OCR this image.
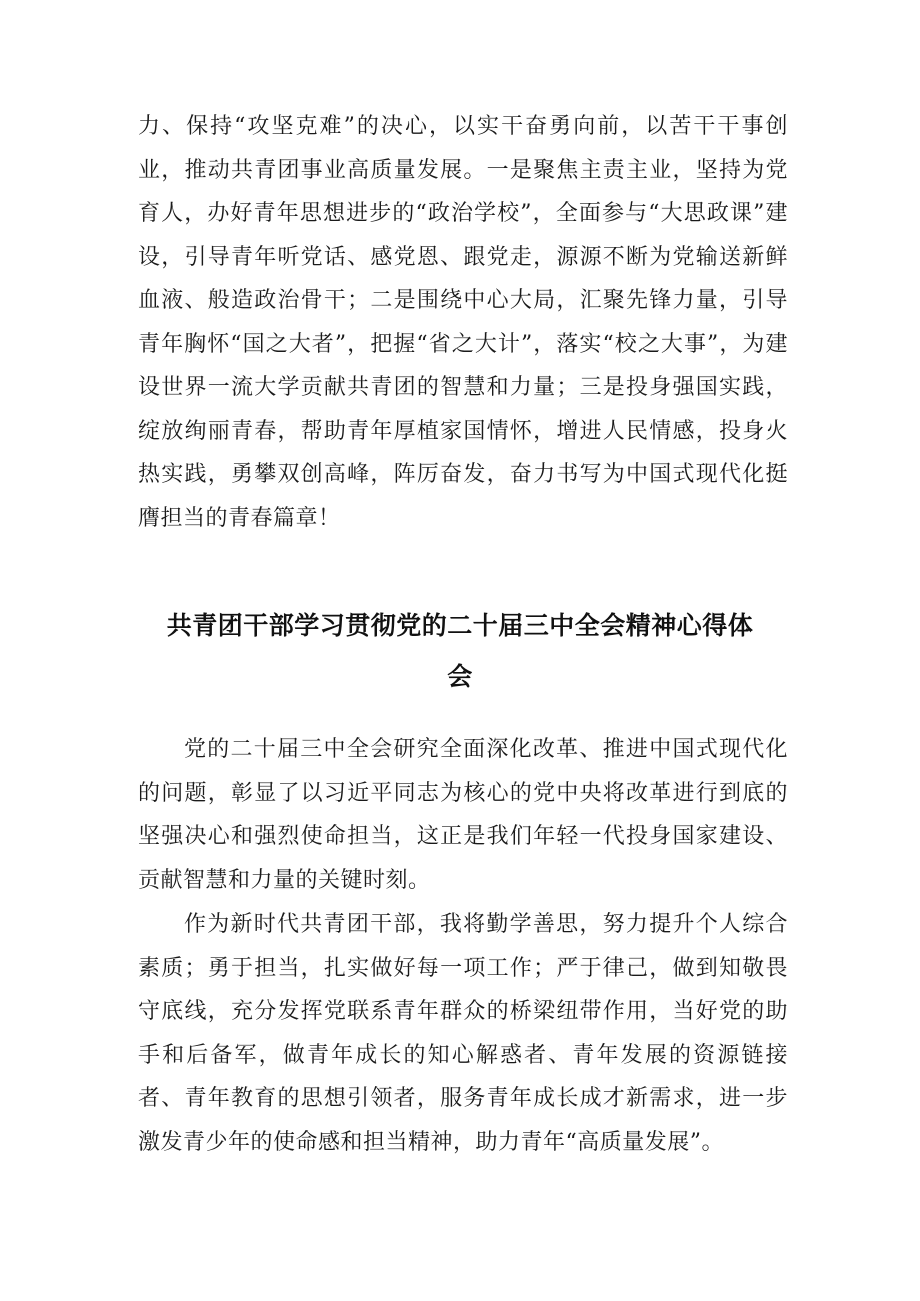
力、保持“攻坚克难”的决心，以实干奋勇向前，以苦干干事创业，推动共青团事业高质量发展。一是聚焦主责主业，坚持为党育人，办好青年思想进步的“政治学校”，全面参与“大思政课”建设，引导青年听党话、感党恩、跟党走，源源不断为党输送新鲜血液、般造政治骨干；二是围绕中心大局，汇聚先锋力量，引导青年胸怀“国之大者”，把握“省之大计”，落实“校之大事”，为建设世界一流大学贡献共青团的智慧和力量；三是投身强国实践，绽放绚丽青春，帮助青年厚植家国情怀，增进人民情感，投身火热实践，勇攀双创高峰，阵厉奋发，奋力书写为中国式现代化挺膺担当的青春篇章！

共青团干部学习贯彻党的二十届三中全会精神心得体会

党的二十届三中全会研究全面深化改革、推进中国式现代化的问题，彰显了以习近平同志为核心的党中央将改革进行到底的坚强决心和强烈使命担当，这正是我们年轻一代投身国家建设、贡献智慧和力量的关键时刻。

作为新时代共青团干部，我将勤学善思，努力提升个人综合素质；勇于担当，扎实做好每一项工作；严于律己，做到知敬畏守底线，充分发挥党联系青年群众的桥梁纽带作用，当好党的助手和后备军，做青年成长的知心解惑者、青年发展的资源链接者、青年教育的思想引领者，服务青年成长成才新需求，进一步激发青少年的使命感和担当精神，助力青年“高质量发展”。
